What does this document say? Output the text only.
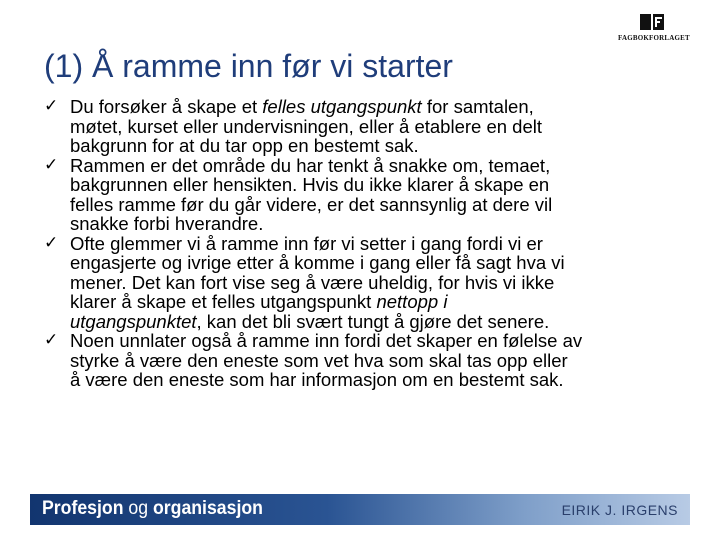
FAGBOKFORLAGET
(1) Å ramme inn før vi starter
✓ Du forsøker å skape et felles utgangspunkt for samtalen,
møtet, kurset eller undervisningen, eller å etablere en delt
bakgrunn for at du tar opp en bestemt sak.
✓ Rammen er det område du har tenkt å snakke om, temaet,
bakgrunnen eller hensikten. Hvis du ikke klarer å skape en
felles ramme før du går videre, er det sannsynlig at dere vil
snakke forbi hverandre.
✓ Ofte glemmer vi å ramme inn før vi setter i gang fordi vi er
engasjerte og ivrige etter å komme i gang eller få sagt hva vi
mener. Det kan fort vise seg å være uheldig, for hvis vi ikke
klarer å skape et felles utgangspunkt nettopp i
utgangspunktet, kan det bli svært tungt å gjøre det senere.
✓ Noen unnlater også å ramme inn fordi det skaper en følelse av
styrke å være den eneste som vet hva som skal tas opp eller
å være den eneste som har informasjon om en bestemt sak.
Profesjon og organisasjon	EIRIK J. IRGENS
